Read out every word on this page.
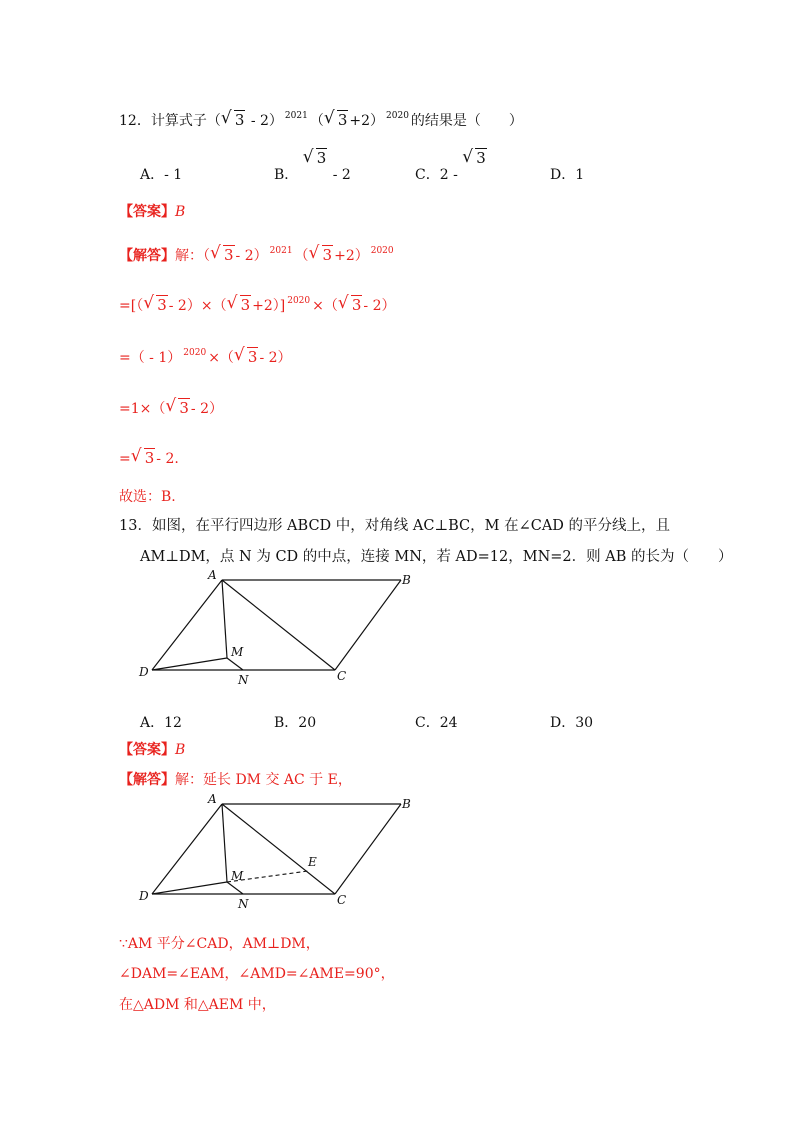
12．计算式子（ √ 3 - 2） $^{2021}$ （ √ 3 +2） $^{2020}$ 的结果是（　　）
A．- 1	B．
√ 3 - 2	C．2 -
√ 3
D．1
【答案】B
【解答】解：（ √ 3 - 2） $^{2021}$ （ √ 3 +2） $^{2020}$
=[（ √ 3 - 2）×（ √ 3 +2）] $^{2020}$ ×（ √ 3 - 2）
=（ - 1） $^{2020}$ ×（ √ 3 - 2）
=1×（ √ 3 - 2）
= √ 3 - 2.
故选：B.
13．如图，在平行四边形 ABCD 中，对角线 AC⊥BC，M 在∠CAD 的平分线上，且
AM⊥DM，点 N 为 CD 的中点，连接 MN，若 AD=12，MN=2．则 AB 的长为（　　）
A	B
C
D
M
N
A．12	B．20	C．24	D．30
【答案】B
【解答】解：延长 DM 交 AC 于 E，
A	B
C
D
M
N
E
∵AM 平分∠CAD，AM⊥DM，
∠DAM=∠EAM，∠AMD=∠AME=90°，
在△ADM 和△AEM 中，
